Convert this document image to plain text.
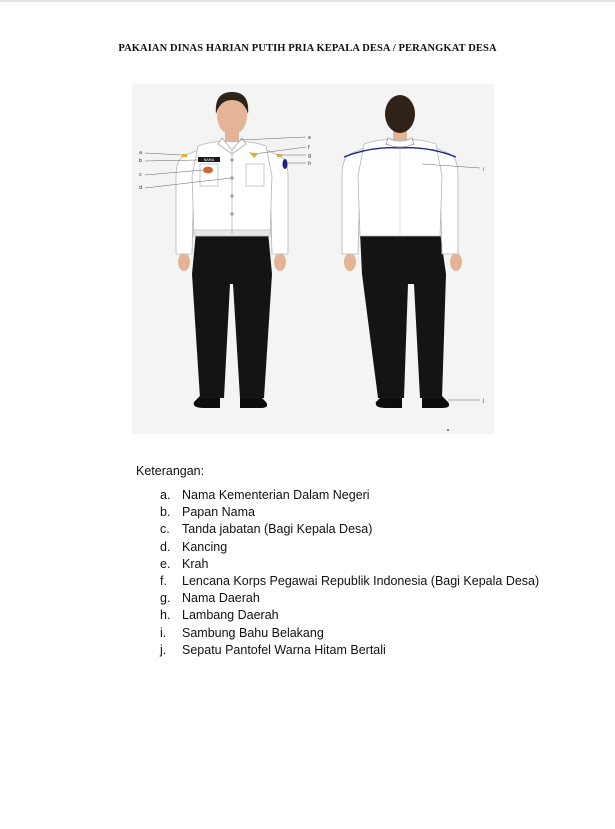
PAKAIAN DINAS HARIAN PUTIH PRIA KEPALA DESA / PERANGKAT DESA
NAMA
a
b
c
d
e
f
g
h
i
j
Keterangan:
a. Nama Kementerian Dalam Negeri
b. Papan Nama
c. Tanda jabatan (Bagi Kepala Desa)
d. Kancing
e. Krah
f. Lencana Korps Pegawai Republik Indonesia (Bagi Kepala Desa)
g. Nama Daerah
h. Lambang Daerah
i. Sambung Bahu Belakang
j. Sepatu Pantofel Warna Hitam Bertali
